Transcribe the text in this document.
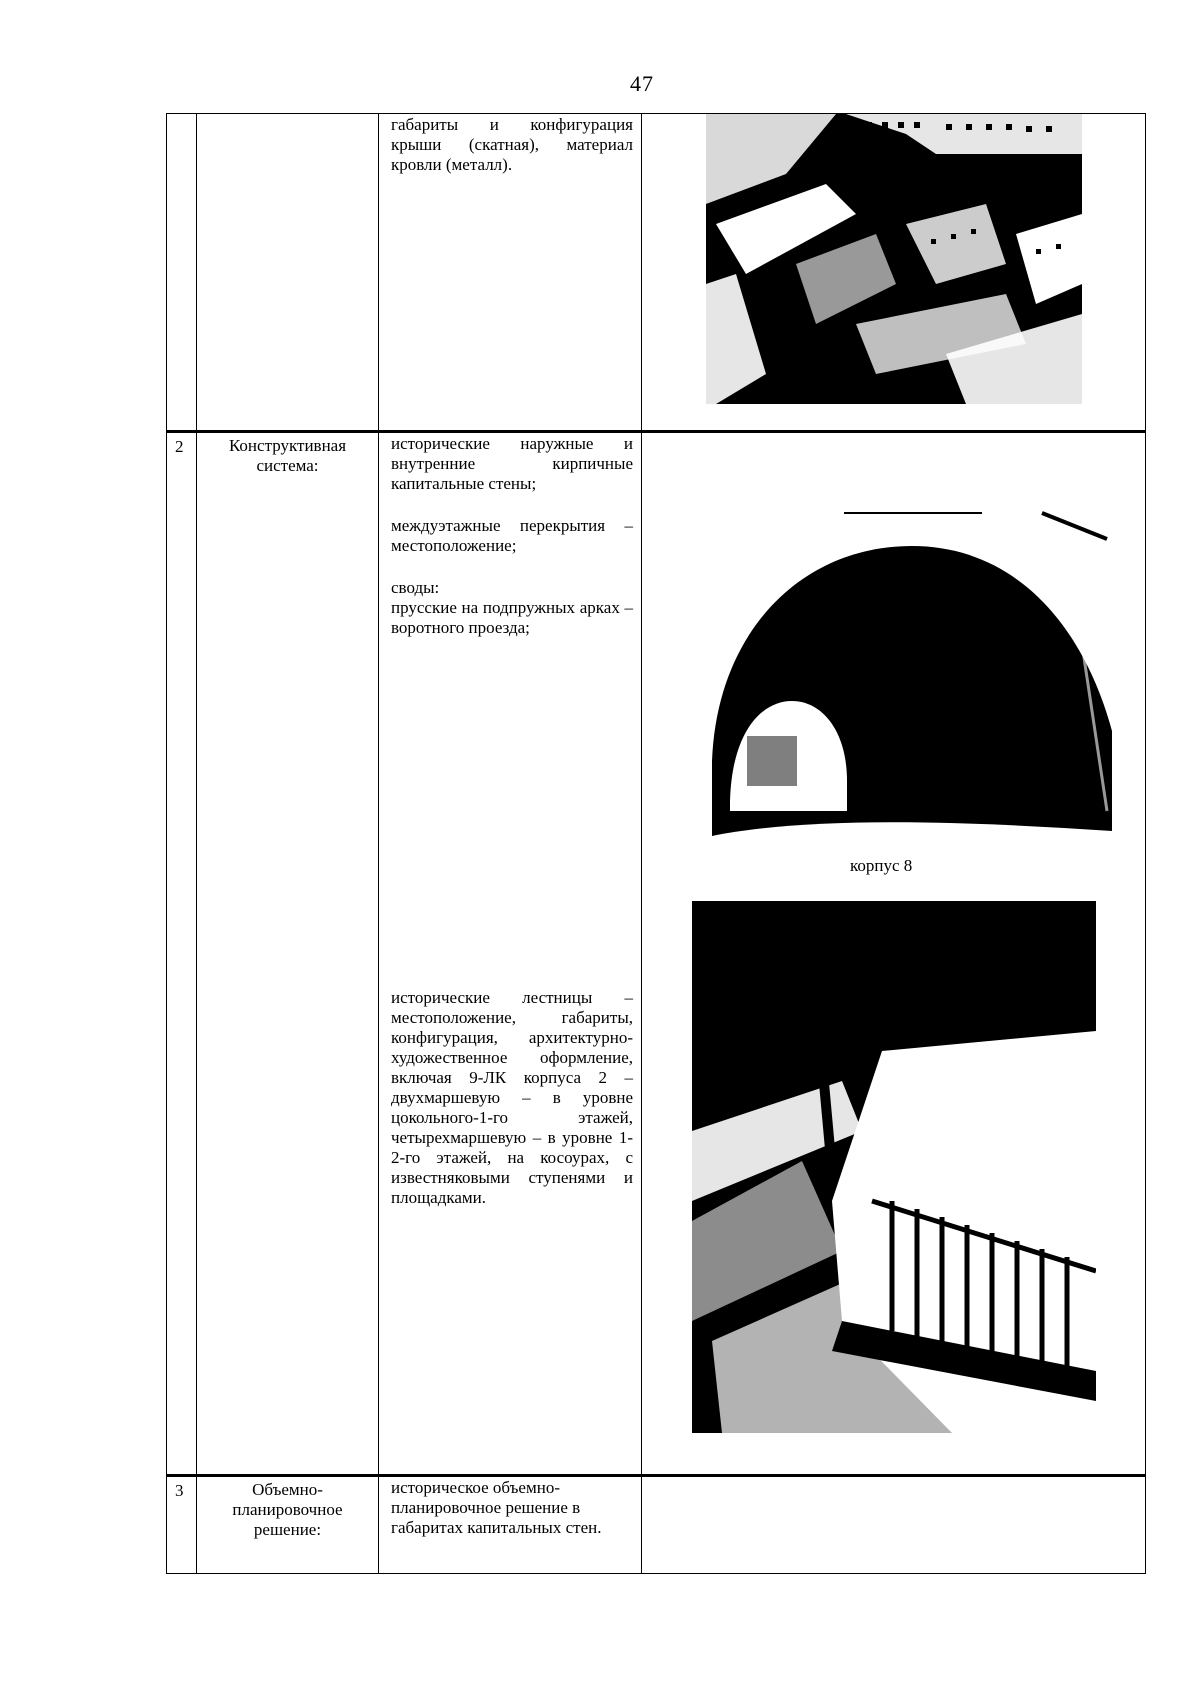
47

		габариты и конфигурация крыши (скатная), материал кровли (металл).

2	Конструктивная система:	исторические наружные и внутренние кирпичные капитальные стены;

междуэтажные перекрытия – местоположение;

своды:

прусские на подпружных арках – воротного проезда;

исторические лестницы – местоположение, габариты, конфигурация, архитектурно-художественное оформление, включая 9-ЛК корпуса 2 – двухмаршевую – в уровне цокольного-1-го этажей, четырехмаршевую – в уровне 1-2-го этажей, на косоурах, с известняковыми ступенями и площадками.	корпус 8

3	Объемно-планировочное решение:	историческое объемно-планировочное решение в габаритах капитальных стен.	
